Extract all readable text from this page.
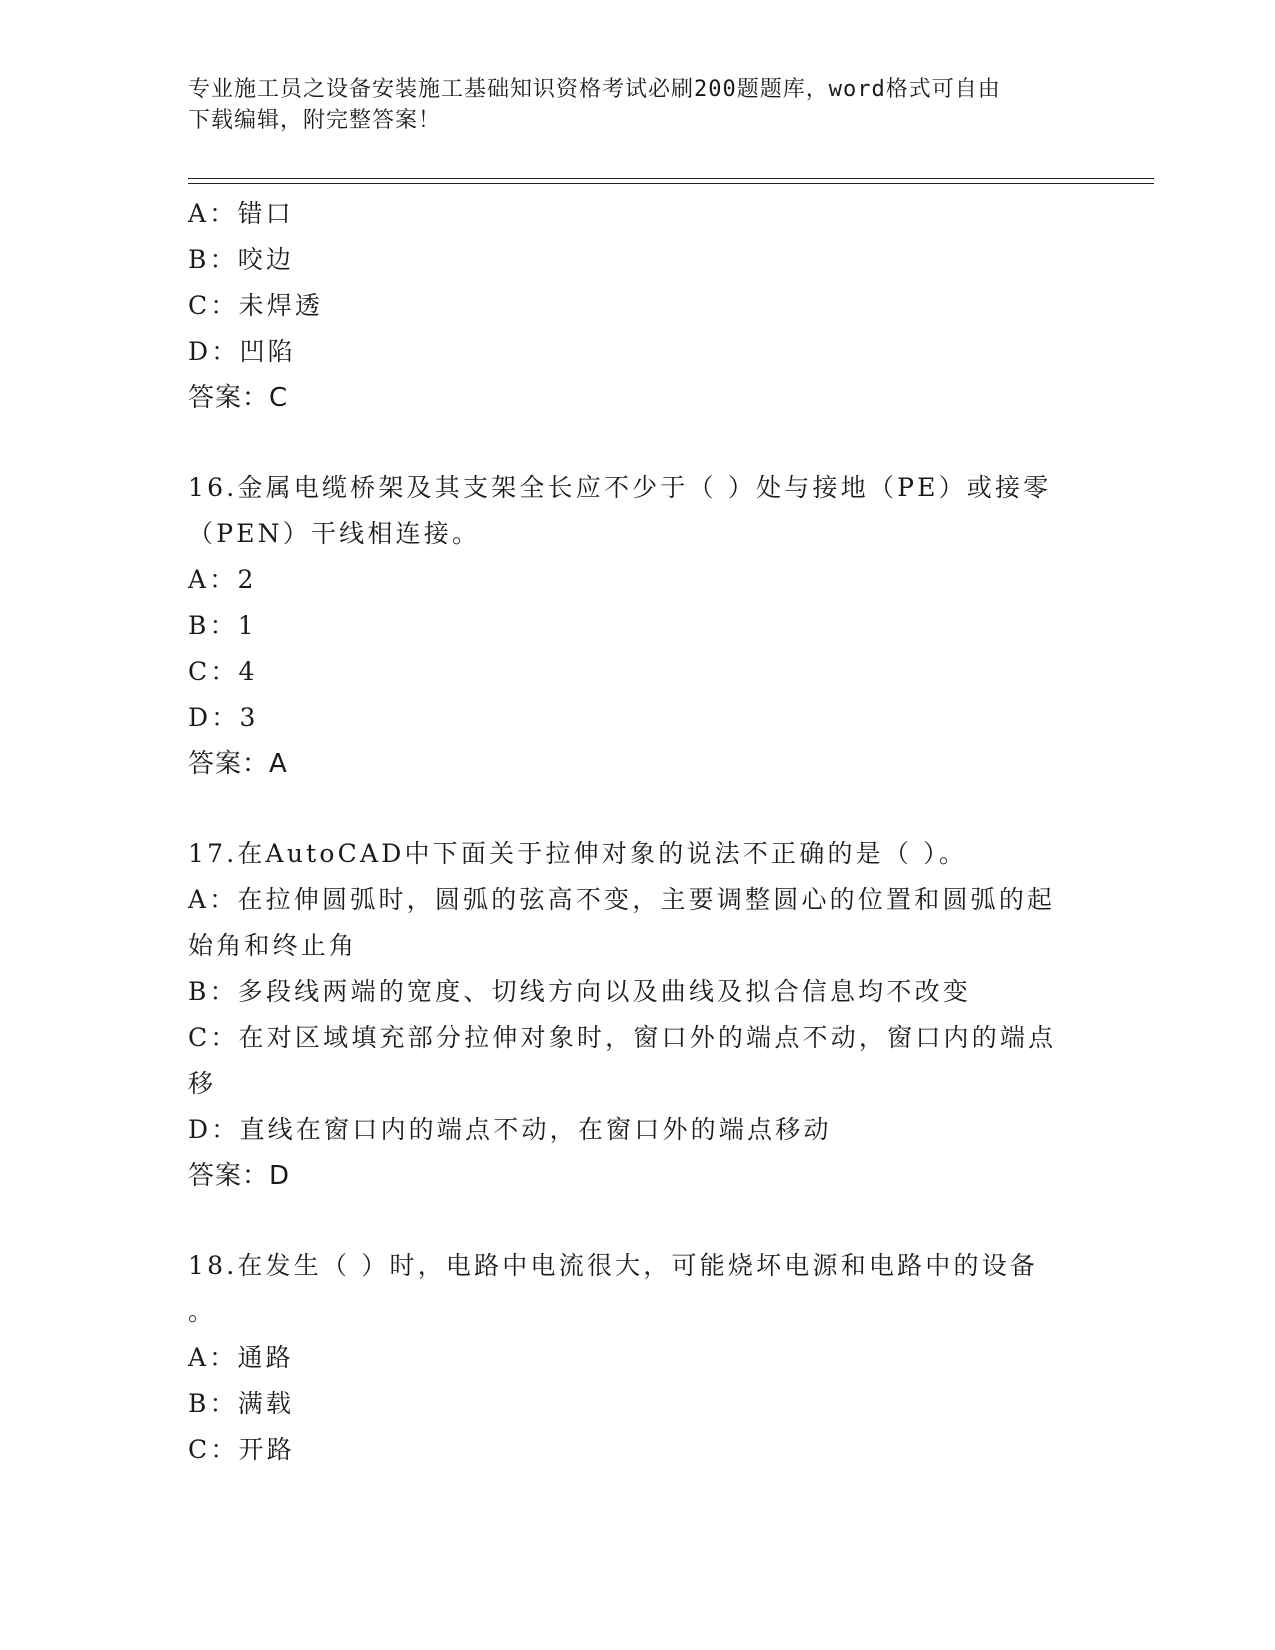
专业施工员之设备安装施工基础知识资格考试必刷200题题库，word格式可自由
下载编辑，附完整答案！
A：错口
B：咬边
C：未焊透
D：凹陷
答案：C
16.金属电缆桥架及其支架全长应不少于（ ）处与接地（PE）或接零
（PEN）干线相连接。
A：2
B：1
C：4
D：3
答案：A
17.在AutoCAD中下面关于拉伸对象的说法不正确的是（ ）。
A：在拉伸圆弧时，圆弧的弦高不变，主要调整圆心的位置和圆弧的起
始角和终止角
B：多段线两端的宽度、切线方向以及曲线及拟合信息均不改变
C：在对区域填充部分拉伸对象时，窗口外的端点不动，窗口内的端点
移
D：直线在窗口内的端点不动，在窗口外的端点移动
答案：D
18.在发生（ ）时，电路中电流很大，可能烧坏电源和电路中的设备
。
A：通路
B：满载
C：开路
